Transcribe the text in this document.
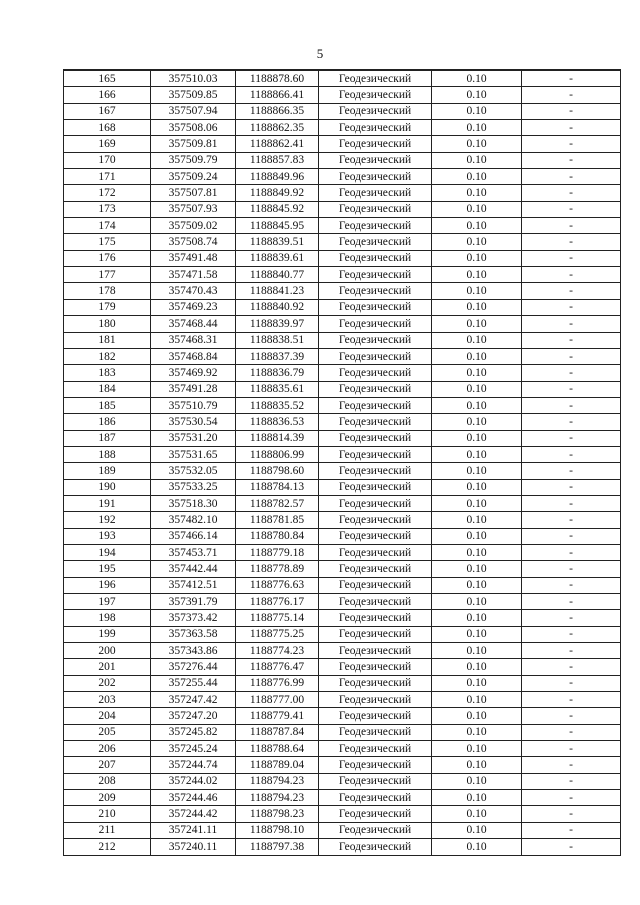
5
165	357510.03	1188878.60	Геодезический	0.10	-
166	357509.85	1188866.41	Геодезический	0.10	-
167	357507.94	1188866.35	Геодезический	0.10	-
168	357508.06	1188862.35	Геодезический	0.10	-
169	357509.81	1188862.41	Геодезический	0.10	-
170	357509.79	1188857.83	Геодезический	0.10	-
171	357509.24	1188849.96	Геодезический	0.10	-
172	357507.81	1188849.92	Геодезический	0.10	-
173	357507.93	1188845.92	Геодезический	0.10	-
174	357509.02	1188845.95	Геодезический	0.10	-
175	357508.74	1188839.51	Геодезический	0.10	-
176	357491.48	1188839.61	Геодезический	0.10	-
177	357471.58	1188840.77	Геодезический	0.10	-
178	357470.43	1188841.23	Геодезический	0.10	-
179	357469.23	1188840.92	Геодезический	0.10	-
180	357468.44	1188839.97	Геодезический	0.10	-
181	357468.31	1188838.51	Геодезический	0.10	-
182	357468.84	1188837.39	Геодезический	0.10	-
183	357469.92	1188836.79	Геодезический	0.10	-
184	357491.28	1188835.61	Геодезический	0.10	-
185	357510.79	1188835.52	Геодезический	0.10	-
186	357530.54	1188836.53	Геодезический	0.10	-
187	357531.20	1188814.39	Геодезический	0.10	-
188	357531.65	1188806.99	Геодезический	0.10	-
189	357532.05	1188798.60	Геодезический	0.10	-
190	357533.25	1188784.13	Геодезический	0.10	-
191	357518.30	1188782.57	Геодезический	0.10	-
192	357482.10	1188781.85	Геодезический	0.10	-
193	357466.14	1188780.84	Геодезический	0.10	-
194	357453.71	1188779.18	Геодезический	0.10	-
195	357442.44	1188778.89	Геодезический	0.10	-
196	357412.51	1188776.63	Геодезический	0.10	-
197	357391.79	1188776.17	Геодезический	0.10	-
198	357373.42	1188775.14	Геодезический	0.10	-
199	357363.58	1188775.25	Геодезический	0.10	-
200	357343.86	1188774.23	Геодезический	0.10	-
201	357276.44	1188776.47	Геодезический	0.10	-
202	357255.44	1188776.99	Геодезический	0.10	-
203	357247.42	1188777.00	Геодезический	0.10	-
204	357247.20	1188779.41	Геодезический	0.10	-
205	357245.82	1188787.84	Геодезический	0.10	-
206	357245.24	1188788.64	Геодезический	0.10	-
207	357244.74	1188789.04	Геодезический	0.10	-
208	357244.02	1188794.23	Геодезический	0.10	-
209	357244.46	1188794.23	Геодезический	0.10	-
210	357244.42	1188798.23	Геодезический	0.10	-
211	357241.11	1188798.10	Геодезический	0.10	-
212	357240.11	1188797.38	Геодезический	0.10	-
